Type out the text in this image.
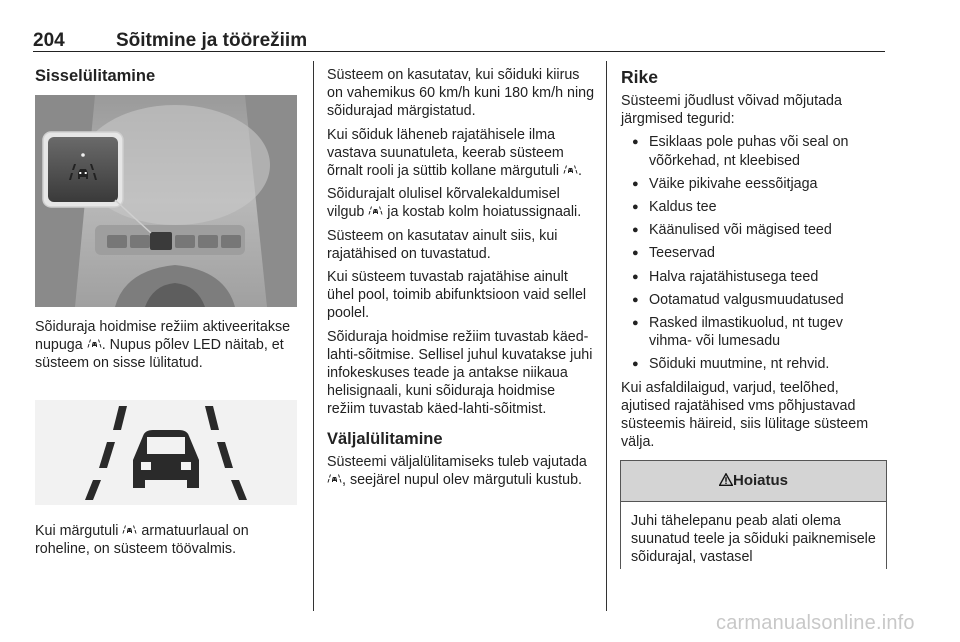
204	Sõitmine ja töörežiim
Sisselülitamine

Sõiduraja hoidmise režiim aktiveeritakse nupuga . Nupus põlev LED näitab, et süsteem on sisse lülitatud.

Kui märgutuli  armatuurlaual on roheline, on süsteem töövalmis.

Süsteem on kasutatav, kui sõiduki kiirus on vahemikus 60 km/h kuni 180 km/h ning sõidurajad märgistatud.

Kui sõiduk läheneb rajatähisele ilma vastava suunatuleta, keerab süsteem õrnalt rooli ja süttib kollane märgutuli .

Sõidurajalt olulisel kõrvalekaldumisel vilgub  ja kostab kolm hoiatussignaali.

Süsteem on kasutatav ainult siis, kui rajatähised on tuvastatud.

Kui süsteem tuvastab rajatähise ainult ühel pool, toimib abifunktsioon vaid sellel poolel.

Sõiduraja hoidmise režiim tuvastab käed-lahti-sõitmise. Sellisel juhul kuvatakse juhi infokeskuses teade ja antakse niikaua helisignaali, kuni sõiduraja hoidmise režiim tuvastab käed-lahti-sõitmist.

Väljalülitamine

Süsteemi väljalülitamiseks tuleb vajutada , seejärel nupul olev märgutuli kustub.

Rike

Süsteemi jõudlust võivad mõjutada järgmised tegurid:

● Esiklaas pole puhas või seal on võõrkehad, nt kleebised
● Väike pikivahe eessõitjaga
● Kaldus tee
● Käänulised või mägised teed
● Teeservad
● Halva rajatähistusega teed
● Ootamatud valgusmuudatused
● Rasked ilmastikuolud, nt tugev vihma- või lumesadu
● Sõiduki muutmine, nt rehvid.

Kui asfaldilaigud, varjud, teelõhed, ajutised rajatähised vms põhjustavad süsteemis häireid, siis lülitage süsteem välja.

Hoiatus
Juhi tähelepanu peab alati olema suunatud teele ja sõiduki paiknemisele sõidurajal, vastasel
carmanualsonline.info
